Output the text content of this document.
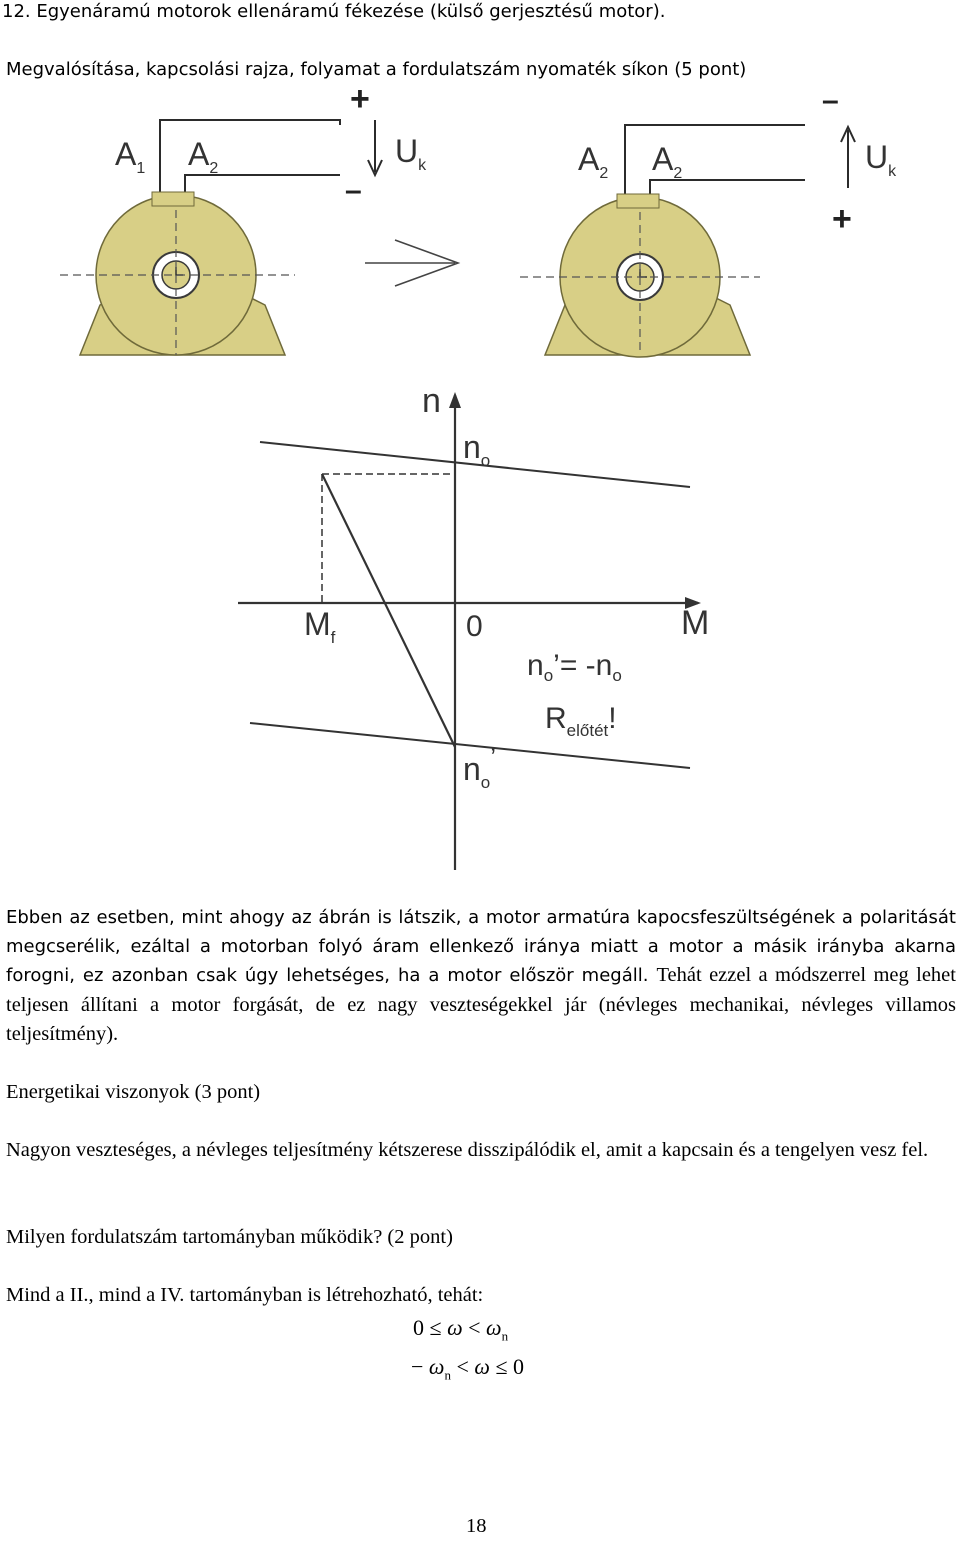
12. Egyenáramú motorok ellenáramú fékezése (külső gerjesztésű motor).
Megvalósítása, kapcsolási rajza, folyamat a fordulatszám nyomaték síkon (5 pont)
$A_1$ $A_2$	$U_k$
+
–
$A_2$ $A_2$	$U_k$
–
+
n
M
0
$n_o$
$M_f$
$n_o’= -n_o$
$R_{előtét}$!
$n_o^’$
Ebben az esetben, mint ahogy az ábrán is látszik, a motor armatúra kapocsfeszültségének a polaritását megcserélik, ezáltal a motorban folyó áram ellenkező iránya miatt a motor a másik irányba akarna forogni, ez azonban csak úgy lehetséges, ha a motor először megáll. Tehát ezzel a módszerrel meg lehet teljesen állítani a motor forgását, de ez nagy veszteségekkel jár (névleges mechanikai, névleges villamos teljesítmény).
Energetikai viszonyok (3 pont)
Nagyon veszteséges, a névleges teljesítmény kétszerese disszipálódik el, amit a kapcsain és a tengelyen vesz fel.
Milyen fordulatszám tartományban működik? (2 pont)
Mind a II., mind a IV. tartományban is létrehozható, tehát:
$0 \le \omega < \omega_n$
− $\omega_n < \omega \le 0$
18
